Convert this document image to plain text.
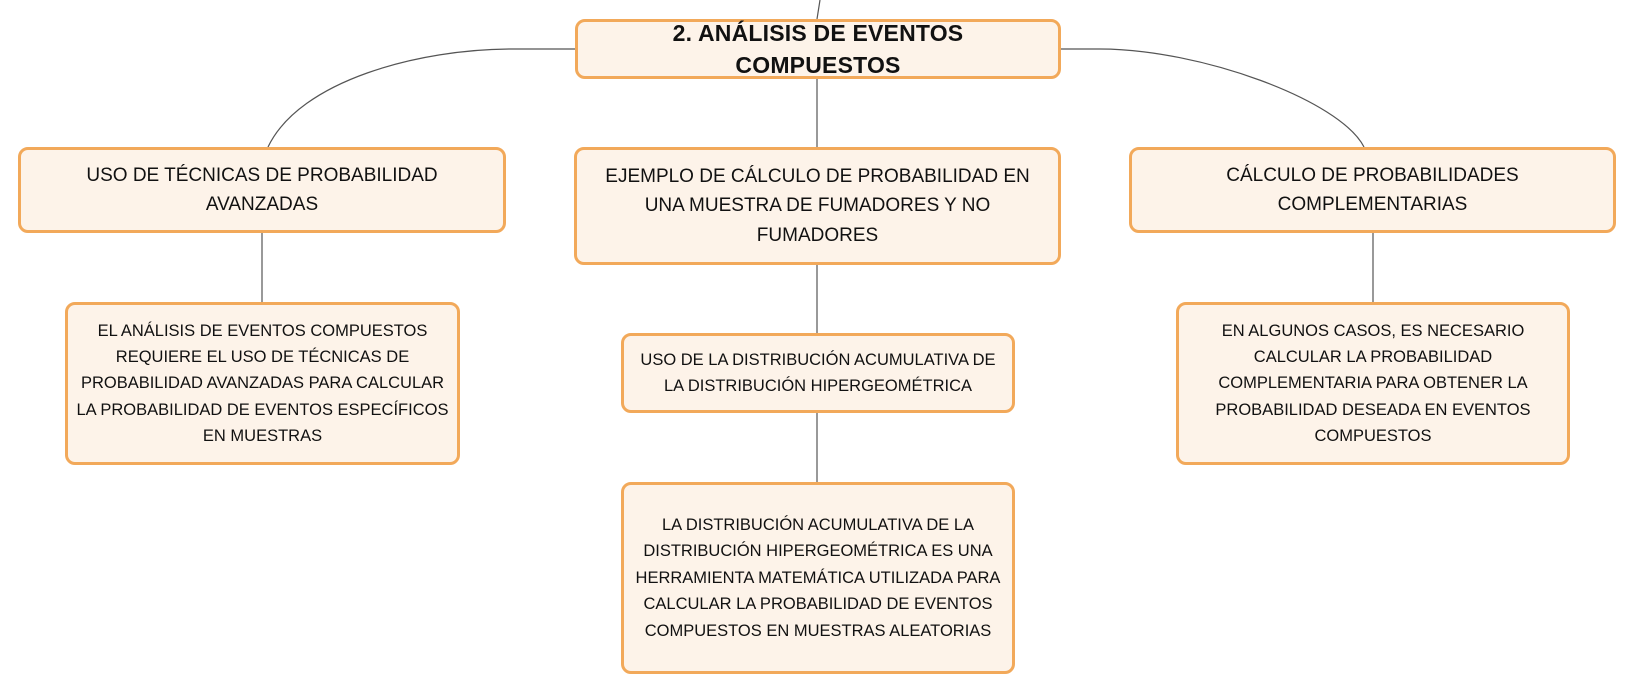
2. ANÁLISIS DE EVENTOS COMPUESTOS
USO DE TÉCNICAS DE PROBABILIDAD AVANZADAS
EJEMPLO DE CÁLCULO DE PROBABILIDAD EN UNA MUESTRA DE FUMADORES Y NO FUMADORES
CÁLCULO DE PROBABILIDADES COMPLEMENTARIAS
EL ANÁLISIS DE EVENTOS COMPUESTOS REQUIERE EL USO DE TÉCNICAS DE PROBABILIDAD AVANZADAS PARA CALCULAR LA PROBABILIDAD DE EVENTOS ESPECÍFICOS EN MUESTRAS
USO DE LA DISTRIBUCIÓN ACUMULATIVA DE LA DISTRIBUCIÓN HIPERGEOMÉTRICA
LA DISTRIBUCIÓN ACUMULATIVA DE LA DISTRIBUCIÓN HIPERGEOMÉTRICA ES UNA HERRAMIENTA MATEMÁTICA UTILIZADA PARA CALCULAR LA PROBABILIDAD DE EVENTOS COMPUESTOS EN MUESTRAS ALEATORIAS
EN ALGUNOS CASOS, ES NECESARIO CALCULAR LA PROBABILIDAD COMPLEMENTARIA PARA OBTENER LA PROBABILIDAD DESEADA EN EVENTOS COMPUESTOS
